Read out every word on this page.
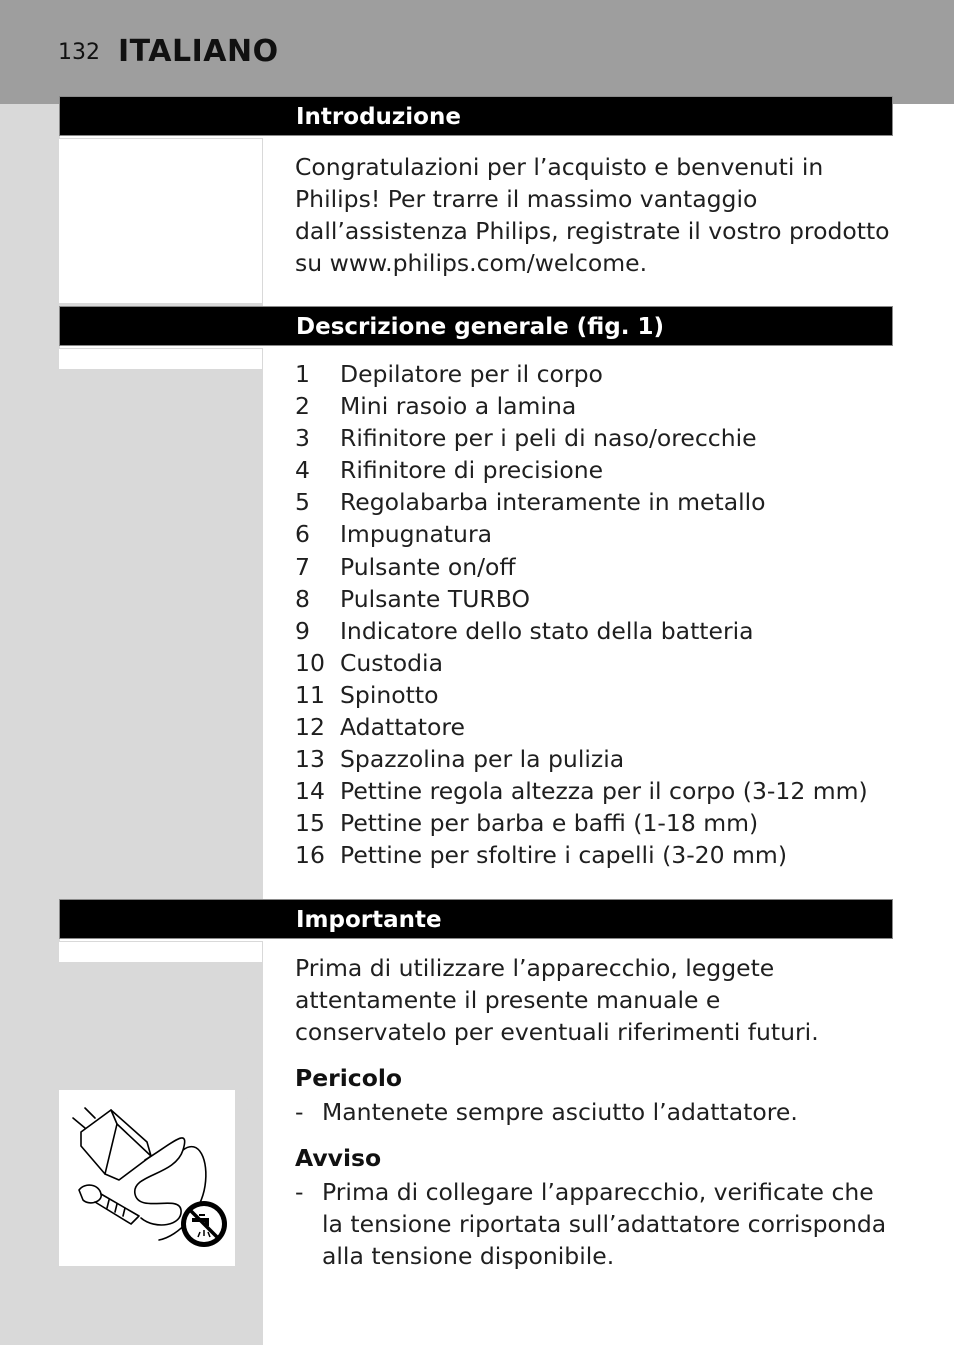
132 ITALIANO
Introduzione
Congratulazioni per l’acquisto e benvenuti in Philips! Per trarre il massimo vantaggio dall’assistenza Philips, registrate il vostro prodotto su www.philips.com/welcome.
Descrizione generale (fig. 1)
1 Depilatore per il corpo
2 Mini rasoio a lamina
3 Rifinitore per i peli di naso/orecchie
4 Rifinitore di precisione
5 Regolabarba interamente in metallo
6 Impugnatura
7 Pulsante on/off
8 Pulsante TURBO
9 Indicatore dello stato della batteria
10 Custodia
11 Spinotto
12 Adattatore
13 Spazzolina per la pulizia
14 Pettine regola altezza per il corpo (3-12 mm)
15 Pettine per barba e baffi (1-18 mm)
16 Pettine per sfoltire i capelli (3-20 mm)
Importante
Prima di utilizzare l’apparecchio, leggete attentamente il presente manuale e conservatelo per eventuali riferimenti futuri.
Pericolo
- Mantenete sempre asciutto l’adattatore.
Avviso
- Prima di collegare l’apparecchio, verificate che la tensione riportata sull’adattatore corrisponda alla tensione disponibile.
